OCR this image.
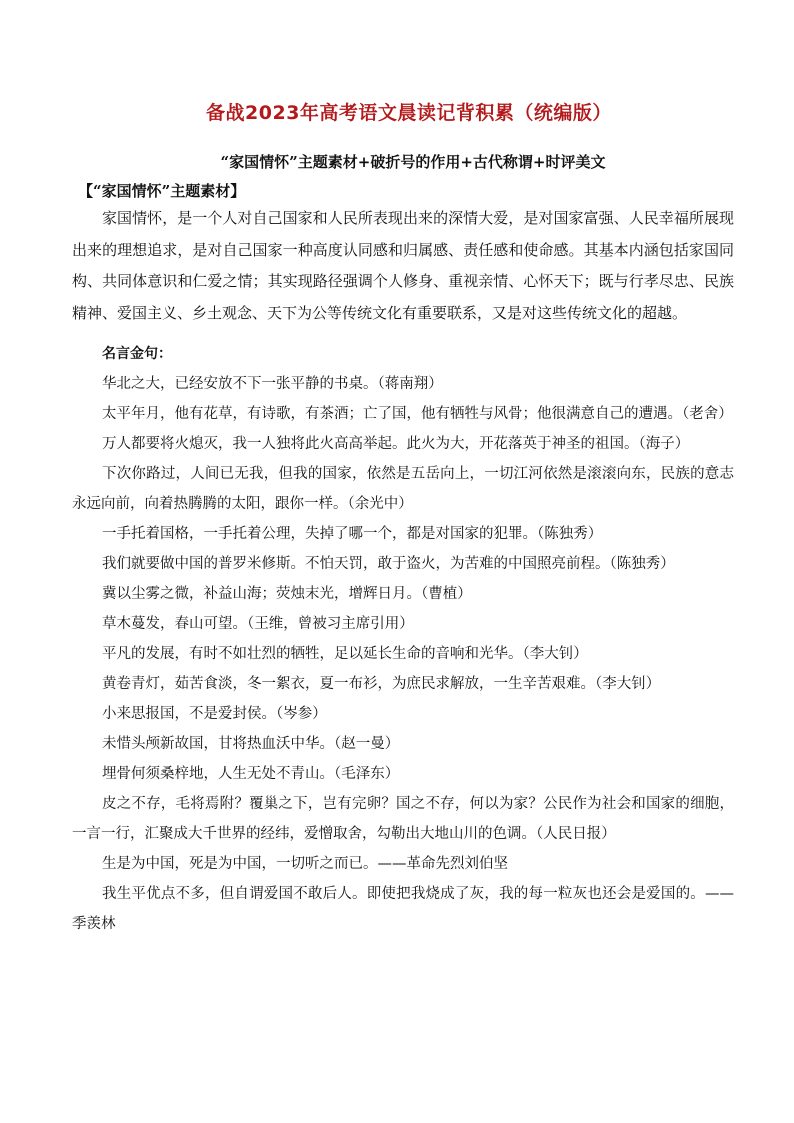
备战2023年高考语文晨读记背积累（统编版）
“家国情怀”主题素材+破折号的作用+古代称谓+时评美文
【“家国情怀”主题素材】

家国情怀，是一个人对自己国家和人民所表现出来的深情大爱，是对国家富强、人民幸福所展现出来的理想追求，是对自己国家一种高度认同感和归属感、责任感和使命感。其基本内涵包括家国同构、共同体意识和仁爱之情；其实现路径强调个人修身、重视亲情、心怀天下；既与行孝尽忠、民族精神、爱国主义、乡土观念、天下为公等传统文化有重要联系，又是对这些传统文化的超越。

名言金句：

华北之大，已经安放不下一张平静的书桌。（蒋南翔）

太平年月，他有花草，有诗歌，有茶酒；亡了国，他有牺牲与风骨；他很满意自己的遭遇。（老舍）

万人都要将火熄灭，我一人独将此火高高举起。此火为大，开花落英于神圣的祖国。（海子）

下次你路过，人间已无我，但我的国家，依然是五岳向上，一切江河依然是滚滚向东，民族的意志永远向前，向着热腾腾的太阳，跟你一样。（余光中）

一手托着国格，一手托着公理，失掉了哪一个，都是对国家的犯罪。（陈独秀）

我们就要做中国的普罗米修斯。不怕天罚，敢于盗火，为苦难的中国照亮前程。（陈独秀）

冀以尘雾之微，补益山海；荧烛末光，增辉日月。（曹植）

草木蔓发，春山可望。（王维，曾被习主席引用）

平凡的发展，有时不如壮烈的牺牲，足以延长生命的音响和光华。（李大钊）

黄卷青灯，茹苦食淡，冬一絮衣，夏一布衫，为庶民求解放，一生辛苦艰难。（李大钊）

小来思报国，不是爱封侯。（岑参）

未惜头颅新故国，甘将热血沃中华。（赵一曼）

埋骨何须桑梓地，人生无处不青山。（毛泽东）

皮之不存，毛将焉附？覆巢之下，岂有完卵？国之不存，何以为家？公民作为社会和国家的细胞，一言一行，汇聚成大千世界的经纬，爱憎取舍，勾勒出大地山川的色调。（人民日报）

生是为中国，死是为中国，一切听之而已。——革命先烈刘伯坚

我生平优点不多，但自谓爱国不敢后人。即使把我烧成了灰，我的每一粒灰也还会是爱国的。——季羡林
